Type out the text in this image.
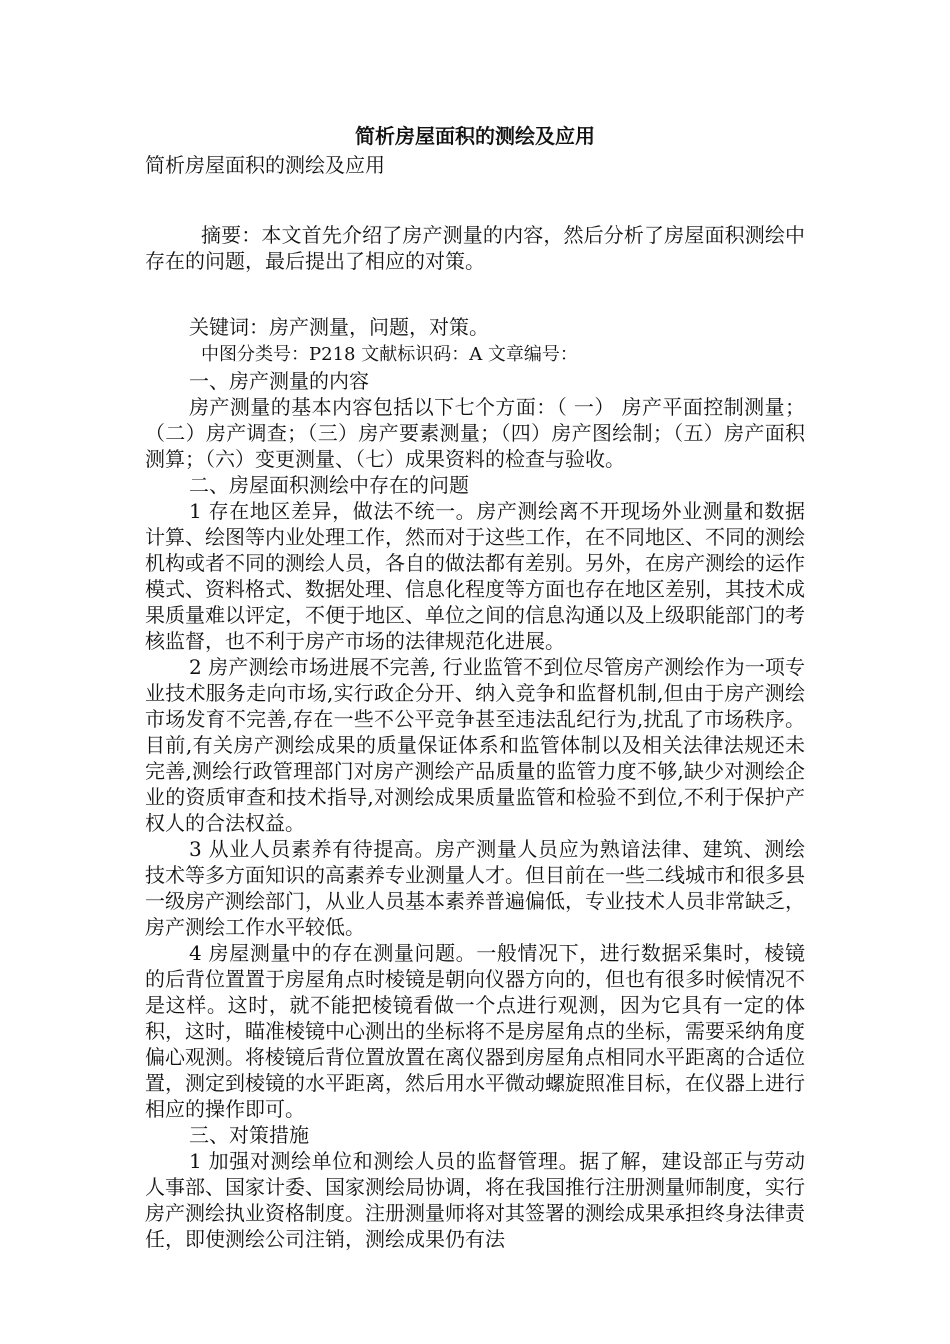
简析房屋面积的测绘及应用

简析房屋面积的测绘及应用

摘要：本文首先介绍了房产测量的内容，然后分析了房屋面积测绘中存在的问题，最后提出了相应的对策。

关键词：房产测量，问题，对策。

中图分类号：P218 文献标识码：A 文章编号：

一、房产测量的内容

房产测量的基本内容包括以下七个方面：（ 一） 房产平面控制测量；（二）房产调查；（三）房产要素测量；（四）房产图绘制；（五）房产面积测算；（六）变更测量、（七）成果资料的检查与验收。

二、房屋面积测绘中存在的问题

1 存在地区差异，做法不统一。房产测绘离不开现场外业测量和数据计算、绘图等内业处理工作，然而对于这些工作，在不同地区、不同的测绘机构或者不同的测绘人员，各自的做法都有差别。另外，在房产测绘的运作模式、资料格式、数据处理、信息化程度等方面也存在地区差别，其技术成果质量难以评定，不便于地区、单位之间的信息沟通以及上级职能部门的考核监督，也不利于房产市场的法律规范化进展。

2 房产测绘市场进展不完善, 行业监管不到位尽管房产测绘作为一项专业技术服务走向市场,实行政企分开、纳入竞争和监督机制,但由于房产测绘市场发育不完善,存在一些不公平竞争甚至违法乱纪行为,扰乱了市场秩序。目前,有关房产测绘成果的质量保证体系和监管体制以及相关法律法规还未完善,测绘行政管理部门对房产测绘产品质量的监管力度不够,缺少对测绘企业的资质审查和技术指导,对测绘成果质量监管和检验不到位,不利于保护产权人的合法权益。

3 从业人员素养有待提高。房产测量人员应为熟谙法律、建筑、测绘技术等多方面知识的高素养专业测量人才。但目前在一些二线城市和很多县一级房产测绘部门，从业人员基本素养普遍偏低，专业技术人员非常缺乏，房产测绘工作水平较低。

4 房屋测量中的存在测量问题。一般情况下，进行数据采集时，棱镜的后背位置置于房屋角点时棱镜是朝向仪器方向的，但也有很多时候情况不是这样。这时，就不能把棱镜看做一个点进行观测，因为它具有一定的体积，这时，瞄准棱镜中心测出的坐标将不是房屋角点的坐标，需要采纳角度偏心观测。将棱镜后背位置放置在离仪器到房屋角点相同水平距离的合适位置，测定到棱镜的水平距离，然后用水平微动螺旋照准目标，在仪器上进行相应的操作即可。

三、对策措施

1 加强对测绘单位和测绘人员的监督管理。据了解，建设部正与劳动人事部、国家计委、国家测绘局协调，将在我国推行注册测量师制度，实行房产测绘执业资格制度。注册测量师将对其签署的测绘成果承担终身法律责任，即使测绘公司注销，测绘成果仍有法
